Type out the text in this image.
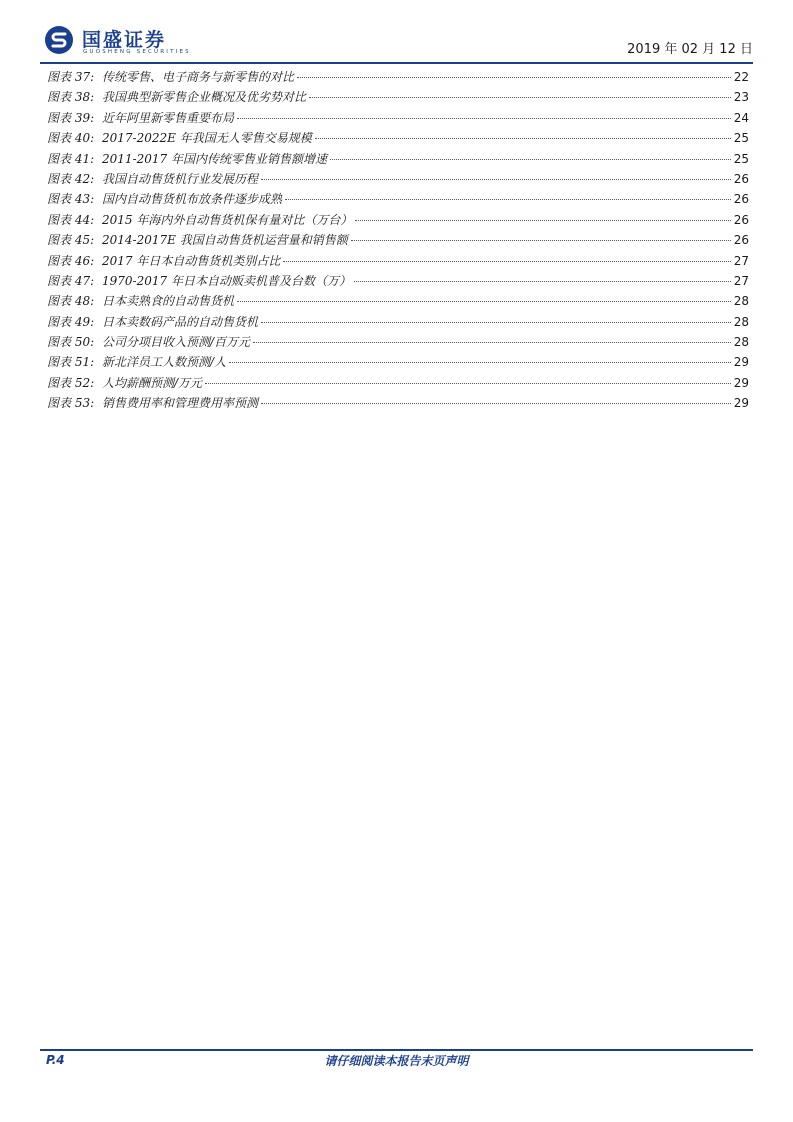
国盛证券
GUOSHENG SECURITIES	2019 年 02 月 12 日
图表 37: 传统零售、电子商务与新零售的对比	22
图表 38: 我国典型新零售企业概况及优劣势对比	23
图表 39: 近年阿里新零售重要布局	24
图表 40: 2017-2022E 年我国无人零售交易规模	25
图表 41: 2011-2017 年国内传统零售业销售额增速	25
图表 42: 我国自动售货机行业发展历程	26
图表 43: 国内自动售货机布放条件逐步成熟	26
图表 44: 2015 年海内外自动售货机保有量对比（万台）	26
图表 45: 2014-2017E 我国自动售货机运营量和销售额	26
图表 46: 2017 年日本自动售货机类别占比	27
图表 47: 1970-2017 年日本自动贩卖机普及台数（万）	27
图表 48: 日本卖熟食的自动售货机	28
图表 49: 日本卖数码产品的自动售货机	28
图表 50: 公司分项目收入预测/百万元	28
图表 51: 新北洋员工人数预测/人	29
图表 52: 人均薪酬预测/万元	29
图表 53: 销售费用率和管理费用率预测	29
P.4	请仔细阅读本报告末页声明
